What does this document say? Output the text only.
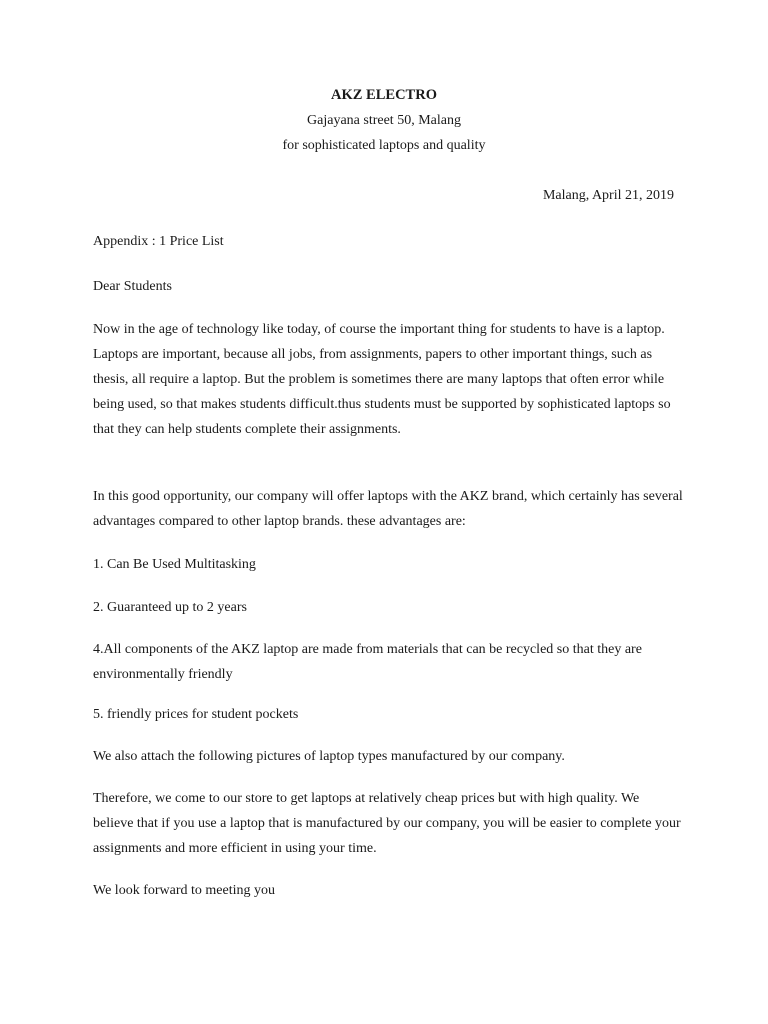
AKZ ELECTRO

Gajayana street 50, Malang

for sophisticated laptops and quality

Malang, April 21, 2019

Appendix : 1 Price List

Dear Students

Now in the age of technology like today, of course the important thing for students to have is a laptop. Laptops are important, because all jobs, from assignments, papers to other important things, such as thesis, all require a laptop. But the problem is sometimes there are many laptops that often error while being used, so that makes students difficult.thus students must be supported by sophisticated laptops so that they can help students complete their assignments.

In this good opportunity, our company will offer laptops with the AKZ brand, which certainly has several advantages compared to other laptop brands. these advantages are:

1. Can Be Used Multitasking

2. Guaranteed up to 2 years

4.All components of the AKZ laptop are made from materials that can be recycled so that they are environmentally friendly

5. friendly prices for student pockets

We also attach the following pictures of laptop types manufactured by our company.

Therefore, we come to our store to get laptops at relatively cheap prices but with high quality. We believe that if you use a laptop that is manufactured by our company, you will be easier to complete your assignments and more efficient in using your time.

We look forward to meeting you
